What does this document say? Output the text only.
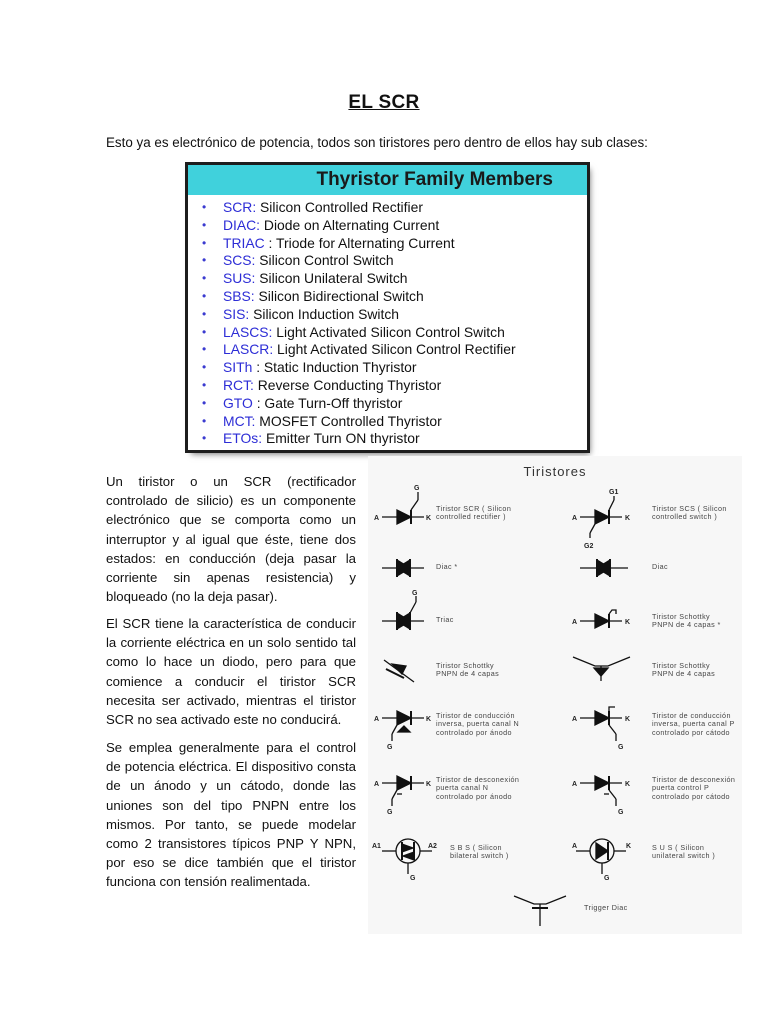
EL SCR
Esto ya es electrónico de potencia, todos son tiristores pero dentro de ellos hay sub clases:
Thyristor Family Members
• SCR: Silicon Controlled Rectifier
• DIAC: Diode on Alternating Current
• TRIAC : Triode for Alternating Current
• SCS: Silicon Control Switch
• SUS: Silicon Unilateral Switch
• SBS: Silicon Bidirectional Switch
• SIS: Silicon Induction Switch
• LASCS: Light Activated Silicon Control Switch
• LASCR: Light Activated Silicon Control Rectifier
• SITh : Static Induction Thyristor
• RCT: Reverse Conducting Thyristor
• GTO : Gate Turn-Off thyristor
• MCT: MOSFET Controlled Thyristor
• ETOs: Emitter Turn ON thyristor

Un tiristor o un SCR (rectificador controlado de silicio) es un componente electrónico que se comporta como un interruptor y al igual que éste, tiene dos estados: en conducción (deja pasar la corriente sin apenas resistencia) y bloqueado (no la deja pasar).

El SCR tiene la característica de conducir la corriente eléctrica en un solo sentido tal como lo hace un diodo, pero para que comience a conducir el tiristor SCR necesita ser activado, mientras el tiristor SCR no sea activado este no conducirá.

Se emplea generalmente para el control de potencia eléctrica. El dispositivo consta de un ánodo y un cátodo, donde las uniones son del tipo PNPN entre los mismos. Por tanto, se puede modelar como 2 transistores típicos PNP Y NPN, por eso se dice también que el tiristor funciona con tensión realimentada.

A	K
G
A	K
G1
G2
G
A	K
A	K
G
A	K
G
A	K
G
A	K
G
A1	A2
G
A	K
G
Tiristores
Tiristor SCR ( Silicon
controlled rectifier )
Tiristor SCS ( Silicon
controlled switch )
Diac *	Diac
Triac	Tiristor Schottky
PNPN de 4 capas *
Tiristor Schottky
PNPN de 4 capas
Tiristor Schottky
PNPN de 4 capas
Tiristor de conducción
inversa, puerta canal N
controlado por ánodo
Tiristor de conducción
inversa, puerta canal P
controlado por cátodo
Tiristor de desconexión
puerta canal N
controlado por ánodo
Tiristor de desconexión
puerta control P
controlado por cátodo
S B S ( Silicon
bilateral switch )
S U S ( Silicon
unilateral switch )
Trigger Diac
